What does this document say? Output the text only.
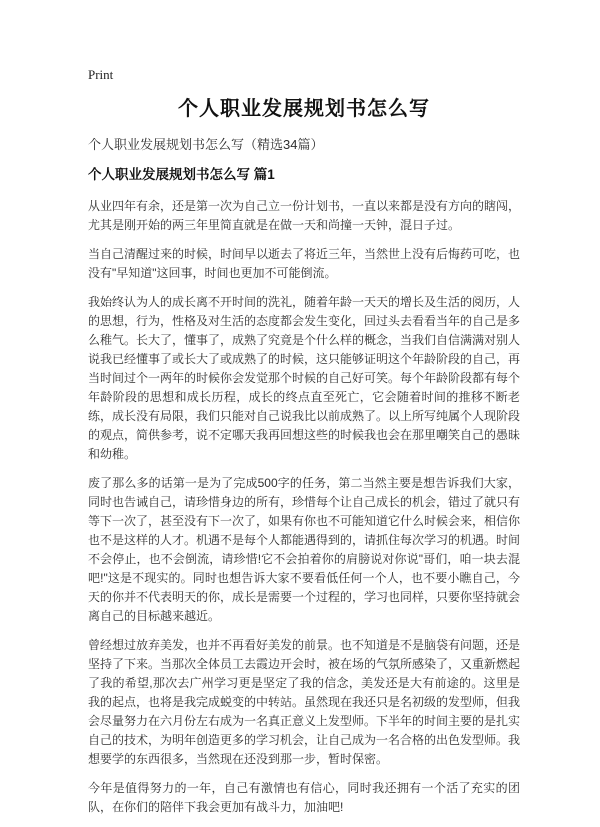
Print
个人职业发展规划书怎么写
个人职业发展规划书怎么写（精选34篇）
个人职业发展规划书怎么写 篇1

从业四年有余，还是第一次为自己立一份计划书，一直以来都是没有方向的瞎闯，尤其是刚开始的两三年里简直就是在做一天和尚撞一天钟，混日子过。

当自己清醒过来的时候，时间早以逝去了将近三年，当然世上没有后悔药可吃，也没有"早知道"这回事，时间也更加不可能倒流。

我始终认为人的成长离不开时间的洗礼，随着年龄一天天的增长及生活的阅历，人的思想，行为，性格及对生活的态度都会发生变化，回过头去看看当年的自己是多么稚气。长大了，懂事了，成熟了究竟是个什么样的概念，当我们自信满满对别人说我已经懂事了或长大了或成熟了的时候，这只能够证明这个年龄阶段的自己，再当时间过个一两年的时候你会发觉那个时候的自己好可笑。每个年龄阶段都有每个年龄阶段的思想和成长历程，成长的终点直至死亡，它会随着时间的推移不断老练，成长没有局限，我们只能对自己说我比以前成熟了。以上所写纯属个人现阶段的观点，简供参考，说不定哪天我再回想这些的时候我也会在那里嘲笑自己的愚昧和幼稚。

废了那么多的话第一是为了完成500字的任务，第二当然主要是想告诉我们大家，同时也告诫自己，请珍惜身边的所有，珍惜每个让自己成长的机会，错过了就只有等下一次了，甚至没有下一次了，如果有你也不可能知道它什么时候会来，相信你也不是这样的人才。机遇不是每个人都能遇得到的，请抓住每次学习的机遇。时间不会停止，也不会倒流，请珍惜!它不会拍着你的肩膀说对你说"哥们，咱一块去混吧!"这是不现实的。同时也想告诉大家不要看低任何一个人，也不要小瞧自己，今天的你并不代表明天的你，成长是需要一个过程的，学习也同样，只要你坚持就会离自己的目标越来越近。

曾经想过放弃美发，也并不再看好美发的前景。也不知道是不是脑袋有问题，还是坚持了下来。当那次全体员工去霞边开会时，被在场的气氛所感染了，又重新燃起了我的希望,那次去广州学习更是坚定了我的信念，美发还是大有前途的。这里是我的起点，也将是我完成蜕变的中转站。虽然现在我还只是名初级的发型师，但我会尽量努力在六月份左右成为一名真正意义上发型师。下半年的时间主要的是扎实自己的技术，为明年创造更多的学习机会，让自己成为一名合格的出色发型师。我想要学的东西很多，当然现在还没到那一步，暂时保密。

今年是值得努力的一年，自己有激情也有信心，同时我还拥有一个活了充实的团队，在你们的陪伴下我会更加有战斗力，加油吧!
